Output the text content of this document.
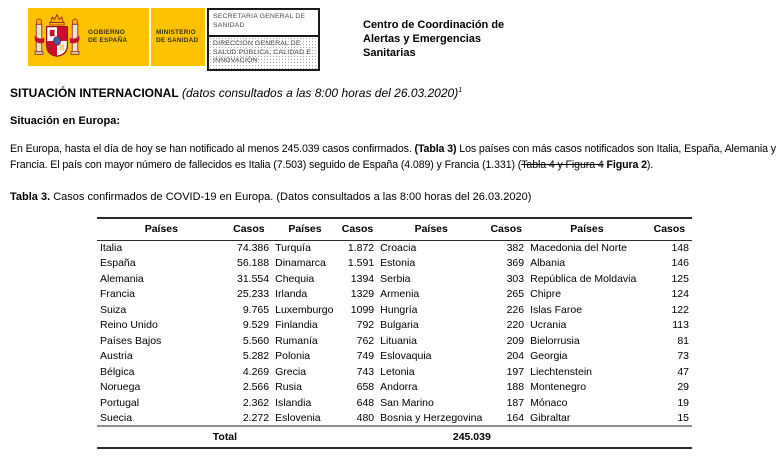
GOBIERNO
DE ESPAÑA
MINISTERIO
DE SANIDAD
SECRETARIA GENERAL DE SANIDAD
DIRECCIÓN GENERAL DE SALUD PÚBLICA, CALIDAD E INNOVACIÓN
Centro de Coordinación de
Alertas y Emergencias
Sanitarias
SITUACIÓN INTERNACIONAL (datos consultados a las 8:00 horas del 26.03.2020)$^1$
Situación en Europa:

En Europa, hasta el día de hoy se han notificado al menos 245.039 casos confirmados. (Tabla 3) Los países con más casos notificados son Italia, España, Alemania y Francia. El país con mayor número de fallecidos es Italia (7.503) seguido de España (4.089) y Francia (1.331) (Tabla 4 y Figura 4 Figura 2).

Tabla 3. Casos confirmados de COVID-19 en Europa. (Datos consultados a las 8:00 horas del 26.03.2020)
Países	Casos	Países	Casos	Países	Casos	Países	Casos
Italia	74.386	Turquía	1.872	Croacia	382	Macedonia del Norte	148
España	56.188	Dinamarca	1.591	Estonia	369	Albania	146
Alemania	31.554	Chequia	1394	Serbia	303	República de Moldavia	125
Francia	25.233	Irlanda	1329	Armenia	265	Chipre	124
Suiza	9.765	Luxemburgo	1099	Hungría	226	Islas Faroe	122
Reino Unido	9.529	Finlandia	792	Bulgaria	220	Ucrania	113
Países Bajos	5.560	Rumanía	762	Lituania	209	Bielorrusia	81
Austria	5.282	Polonia	749	Eslovaquia	204	Georgia	73
Bélgica	4.269	Grecia	743	Letonia	197	Liechtenstein	47
Noruega	2.566	Rusia	658	Andorra	188	Montenegro	29
Portugal	2.362	Islandia	648	San Marino	187	Mónaco	19
Suecia	2.272	Eslovenia	480	Bosnia y Herzegovina	164	Gibraltar	15

Total 245.039							
